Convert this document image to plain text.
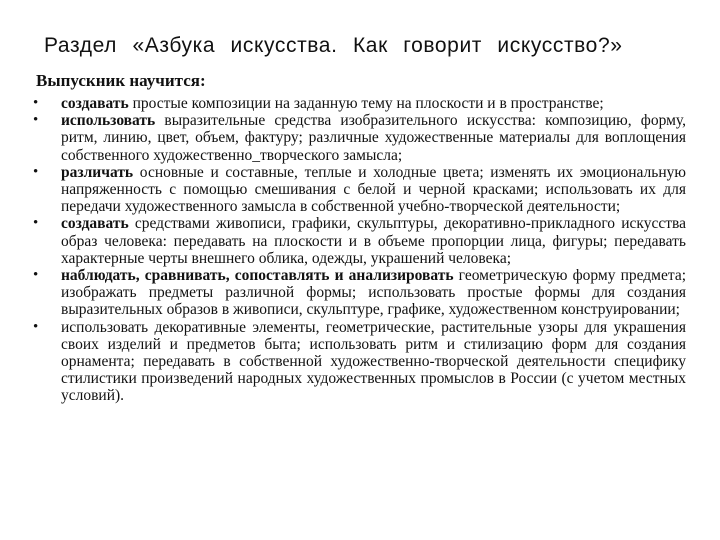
Раздел «Азбука искусства. Как говорит искусство?»

Выпускник научится:

•	создавать простые композиции на заданную тему на плоскости и в пространстве;
•	использовать выразительные средства изобразительного искусства: композицию, форму, ритм, линию, цвет, объем, фактуру; различные художественные материалы для воплощения собственного художественно_творческого замысла;
•	различать основные и составные, теплые и холодные цвета; изменять их эмоциональную напряженность с помощью смешивания с белой и черной красками; использовать их для передачи художественного замысла в собственной учебно-творческой деятельности;
•	создавать средствами живописи, графики, скульптуры, декоративно-прикладного искусства образ человека: передавать на плоскости и в объеме пропорции лица, фигуры; передавать характерные черты внешнего облика, одежды, украшений человека;
•	наблюдать, сравнивать, сопоставлять и анализировать геометрическую форму предмета; изображать предметы различной формы; использовать простые формы для создания выразительных образов в живописи, скульптуре, графике, художественном конструировании;
•	использовать декоративные элементы, геометрические, растительные узоры для украшения своих изделий и предметов быта; использовать ритм и стилизацию форм для создания орнамента; передавать в собственной художественно-творческой деятельности специфику стилистики произведений народных художественных промыслов в России (с учетом местных условий).
